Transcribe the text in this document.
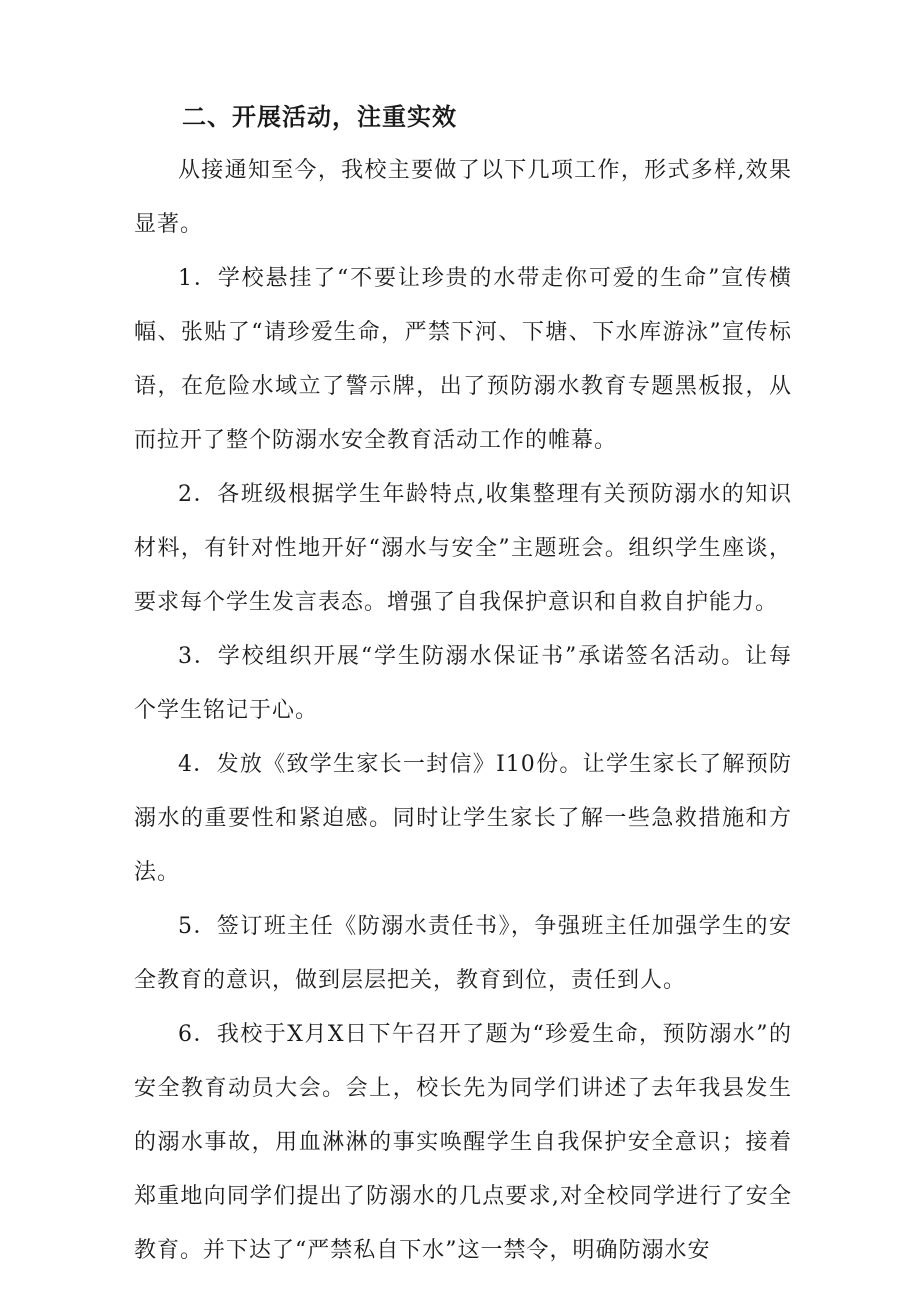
二、开展活动，注重实效

从接通知至今，我校主要做了以下几项工作，形式多样,效果显著。

1．学校悬挂了“不要让珍贵的水带走你可爱的生命”宣传横幅、张贴了“请珍爱生命，严禁下河、下塘、下水库游泳”宣传标语，在危险水域立了警示牌，出了预防溺水教育专题黑板报，从而拉开了整个防溺水安全教育活动工作的帷幕。

2．各班级根据学生年龄特点,收集整理有关预防溺水的知识材料，有针对性地开好“溺水与安全”主题班会。组织学生座谈，要求每个学生发言表态。增强了自我保护意识和自救自护能力。

3．学校组织开展“学生防溺水保证书”承诺签名活动。让每个学生铭记于心。

4．发放《致学生家长一封信》I10份。让学生家长了解预防溺水的重要性和紧迫感。同时让学生家长了解一些急救措施和方法。

5．签订班主任《防溺水责任书》，争强班主任加强学生的安全教育的意识，做到层层把关，教育到位，责任到人。

6．我校于X月X日下午召开了题为“珍爱生命，预防溺水”的安全教育动员大会。会上，校长先为同学们讲述了去年我县发生的溺水事故，用血淋淋的事实唤醒学生自我保护安全意识；接着郑重地向同学们提出了防溺水的几点要求,对全校同学进行了安全教育。并下达了“严禁私自下水”这一禁令，明确防溺水安
